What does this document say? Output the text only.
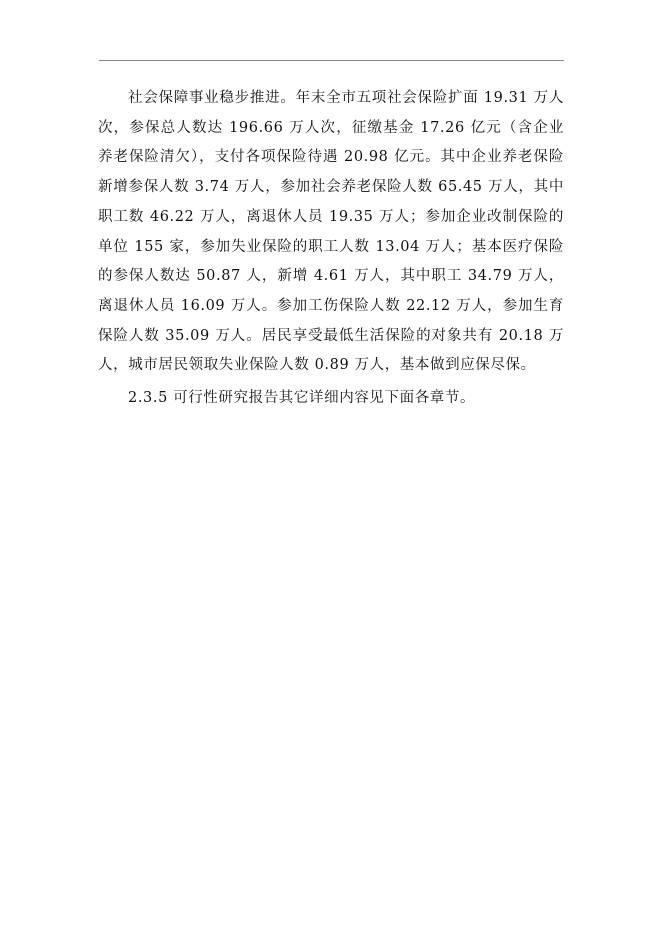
社会保障事业稳步推进。年末全市五项社会保险扩面 19.31 万人次，参保总人数达 196.66 万人次，征缴基金 17.26 亿元（含企业养老保险清欠），支付各项保险待遇 20.98 亿元。其中企业养老保险新增参保人数 3.74 万人，参加社会养老保险人数 65.45 万人，其中职工数 46.22 万人，离退休人员 19.35 万人；参加企业改制保险的单位 155 家，参加失业保险的职工人数 13.04 万人；基本医疗保险的参保人数达 50.87 人，新增 4.61 万人，其中职工 34.79 万人，离退休人员 16.09 万人。参加工伤保险人数 22.12 万人，参加生育保险人数 35.09 万人。居民享受最低生活保险的对象共有 20.18 万人，城市居民领取失业保险人数 0.89 万人，基本做到应保尽保。

2.3.5 可行性研究报告其它详细内容见下面各章节。
